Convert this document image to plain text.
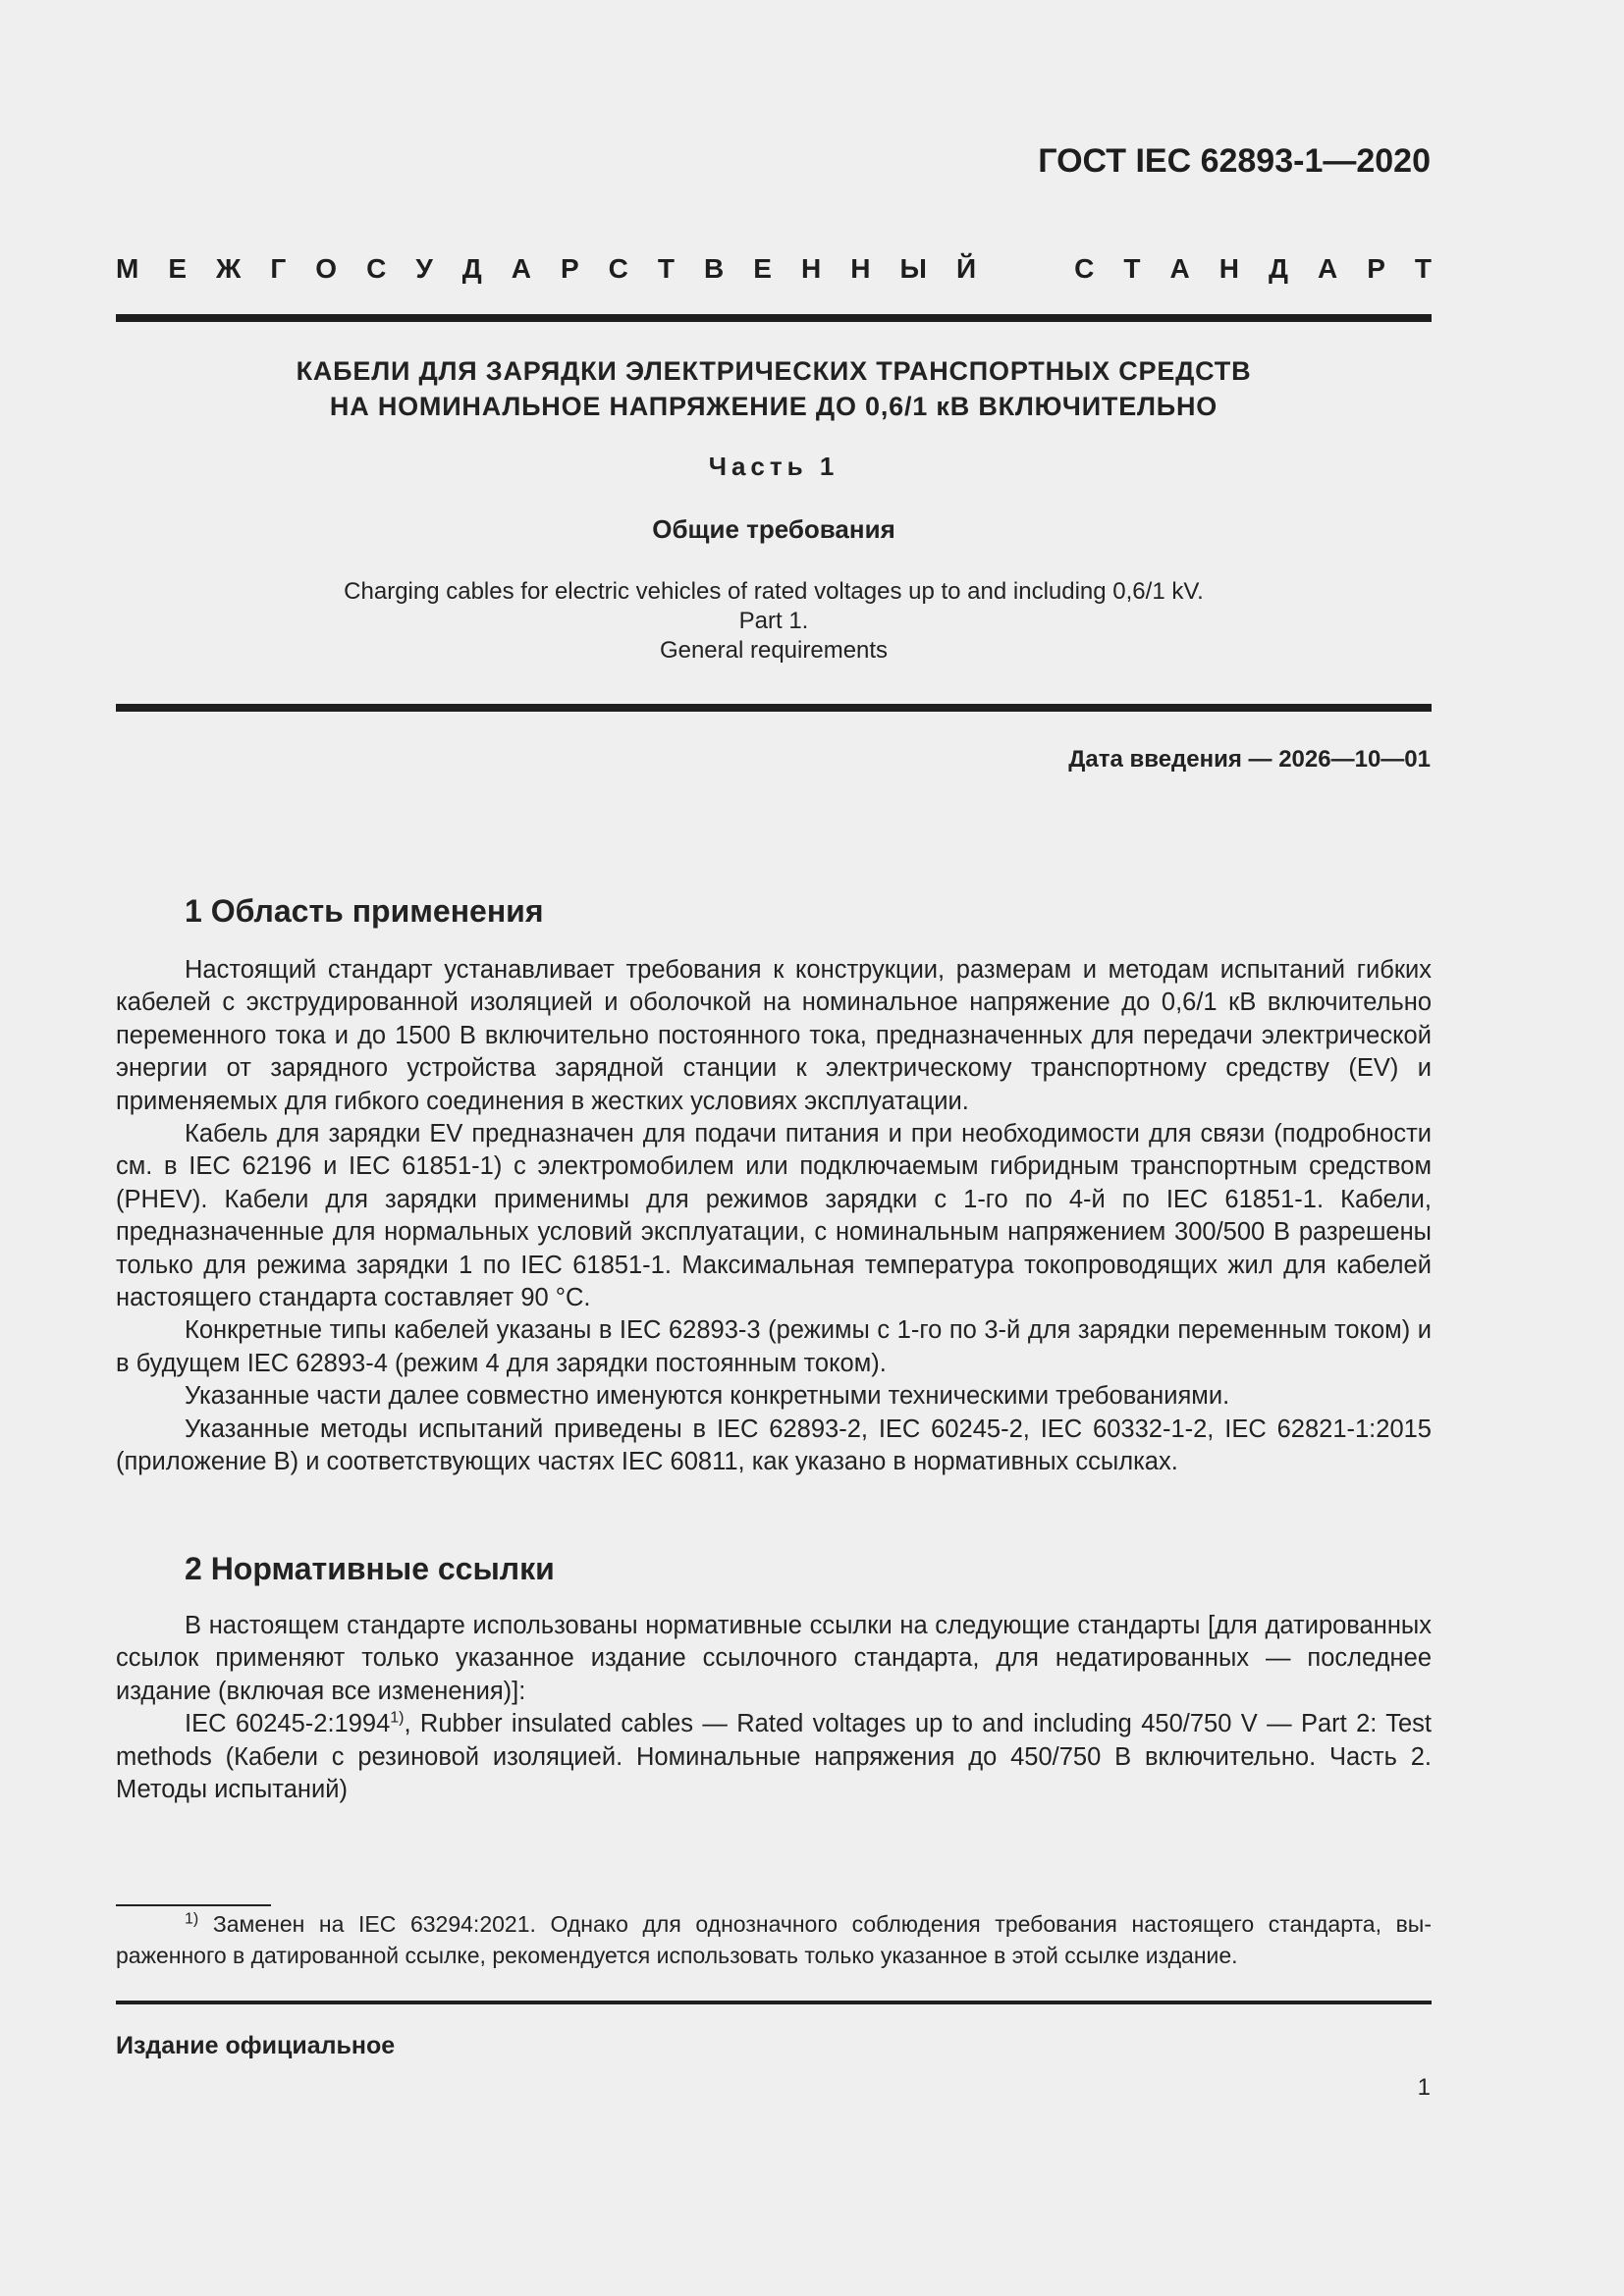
ГОСТ IEC 62893-1—2020
М Е Ж Г О С У Д А Р С Т В Е Н Н Ы Й	С Т А Н Д А Р Т
КАБЕЛИ ДЛЯ ЗАРЯДКИ ЭЛЕКТРИЧЕСКИХ ТРАНСПОРТНЫХ СРЕДСТВ
НА НОМИНАЛЬНОЕ НАПРЯЖЕНИЕ ДО 0,6/1 кВ ВКЛЮЧИТЕЛЬНО
Часть 1
Общие требования
Charging cables for electric vehicles of rated voltages up to and including 0,6/1 kV.
Part 1.
General requirements
Дата введения — 2026—10—01
1 Область применения

Настоящий стандарт устанавливает требования к конструкции, размерам и методам испытаний гибких кабелей с экструдированной изоляцией и оболочкой на номинальное напряжение до 0,6/1 кВ включительно переменного тока и до 1500 В включительно постоянного тока, предназначенных для передачи электрической энергии от зарядного устройства зарядной станции к электрическому транспортному средству (EV) и применяемых для гибкого соединения в жестких условиях эксплуатации.

Кабель для зарядки EV предназначен для подачи питания и при необходимости для связи (подробности см. в IEC 62196 и IEC 61851-1) с электромобилем или подключаемым гибридным транспортным средством (PHEV). Кабели для зарядки применимы для режимов зарядки с 1-го по 4-й по IEC 61851-1. Кабели, предназначенные для нормальных условий эксплуатации, с номинальным напряжением 300/500 В разрешены только для режима зарядки 1 по IEC 61851-1. Максимальная температура токопроводящих жил для кабелей настоящего стандарта составляет 90 °С.

Конкретные типы кабелей указаны в IEC 62893-3 (режимы с 1-го по 3-й для зарядки переменным током) и в будущем IEC 62893-4 (режим 4 для зарядки постоянным током).

Указанные части далее совместно именуются конкретными техническими требованиями.

Указанные методы испытаний приведены в IEC 62893-2, IEC 60245-2, IEC 60332-1-2, IEC 62821-1:2015 (приложение В) и соответствующих частях IEC 60811, как указано в нормативных ссылках.

2 Нормативные ссылки

В настоящем стандарте использованы нормативные ссылки на следующие стандарты [для датированных ссылок применяют только указанное издание ссылочного стандарта, для недатированных — последнее издание (включая все изменения)]:

IEC 60245-2:1994$^{1)}$, Rubber insulated cables — Rated voltages up to and including 450/750 V — Part 2: Test methods (Кабели с резиновой изоляцией. Номинальные напряжения до 450/750 В включительно. Часть 2. Методы испытаний)

$^{1)}$ Заменен на IEC 63294:2021. Однако для однозначного соблюдения требования настоящего стандарта, выраженного в датированной ссылке, рекомендуется использовать только указанное в этой ссылке издание.

Издание официальное
1
